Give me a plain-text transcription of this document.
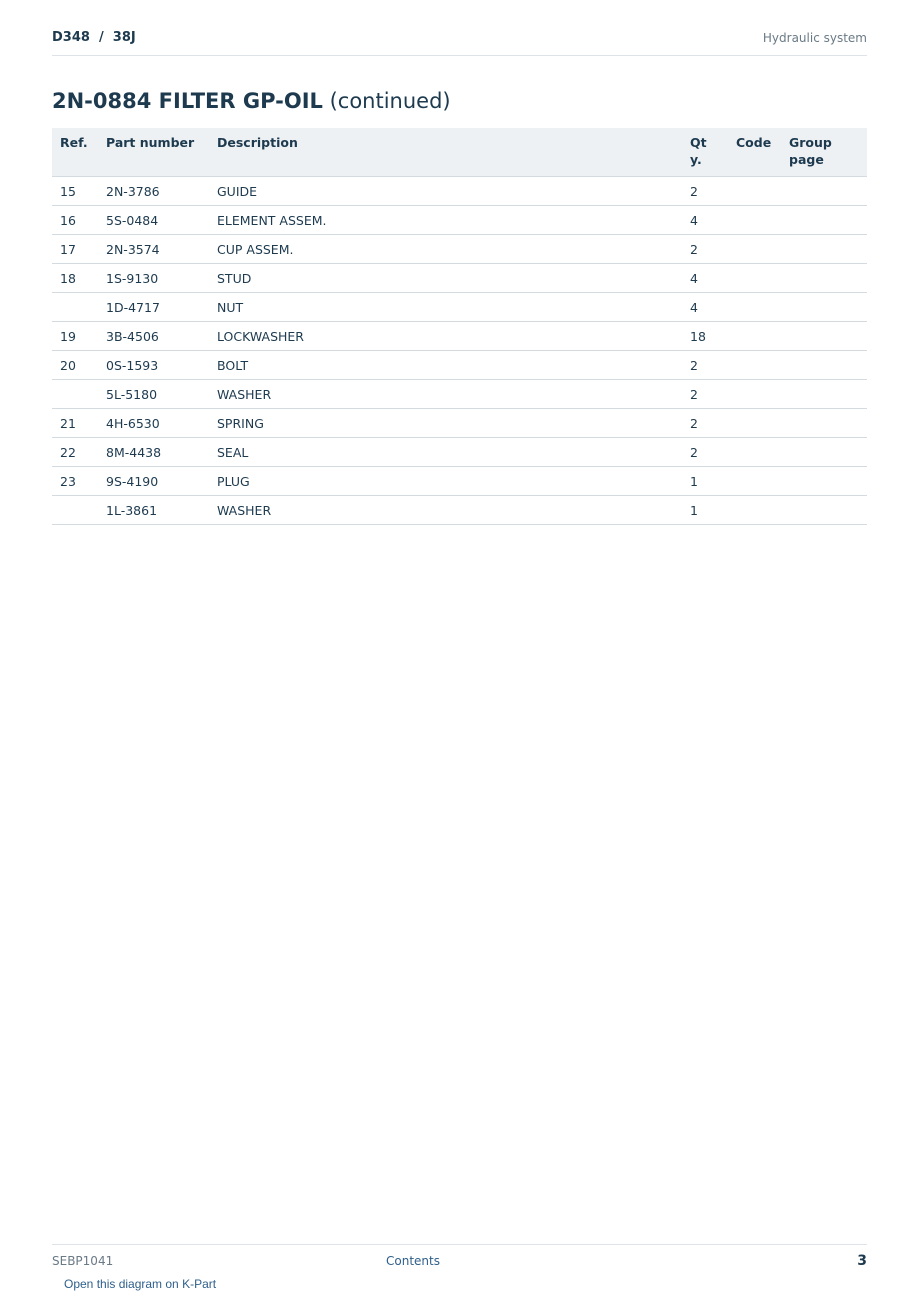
D348  /  38J	Hydraulic system
2N-0884 FILTER GP-OIL (continued)
Ref.	Part number	Description	Qty.	Code	Group page
15	2N-3786	GUIDE	2		
16	5S-0484	ELEMENT ASSEM.	4		
17	2N-3574	CUP ASSEM.	2		
18	1S-9130	STUD	4		
	1D-4717	NUT	4		
19	3B-4506	LOCKWASHER	18		
20	0S-1593	BOLT	2		
	5L-5180	WASHER	2		
21	4H-6530	SPRING	2		
22	8M-4438	SEAL	2		
23	9S-4190	PLUG	1		
	1L-3861	WASHER	1		
SEBP1041	Contents	3
Open this diagram on K-Part
